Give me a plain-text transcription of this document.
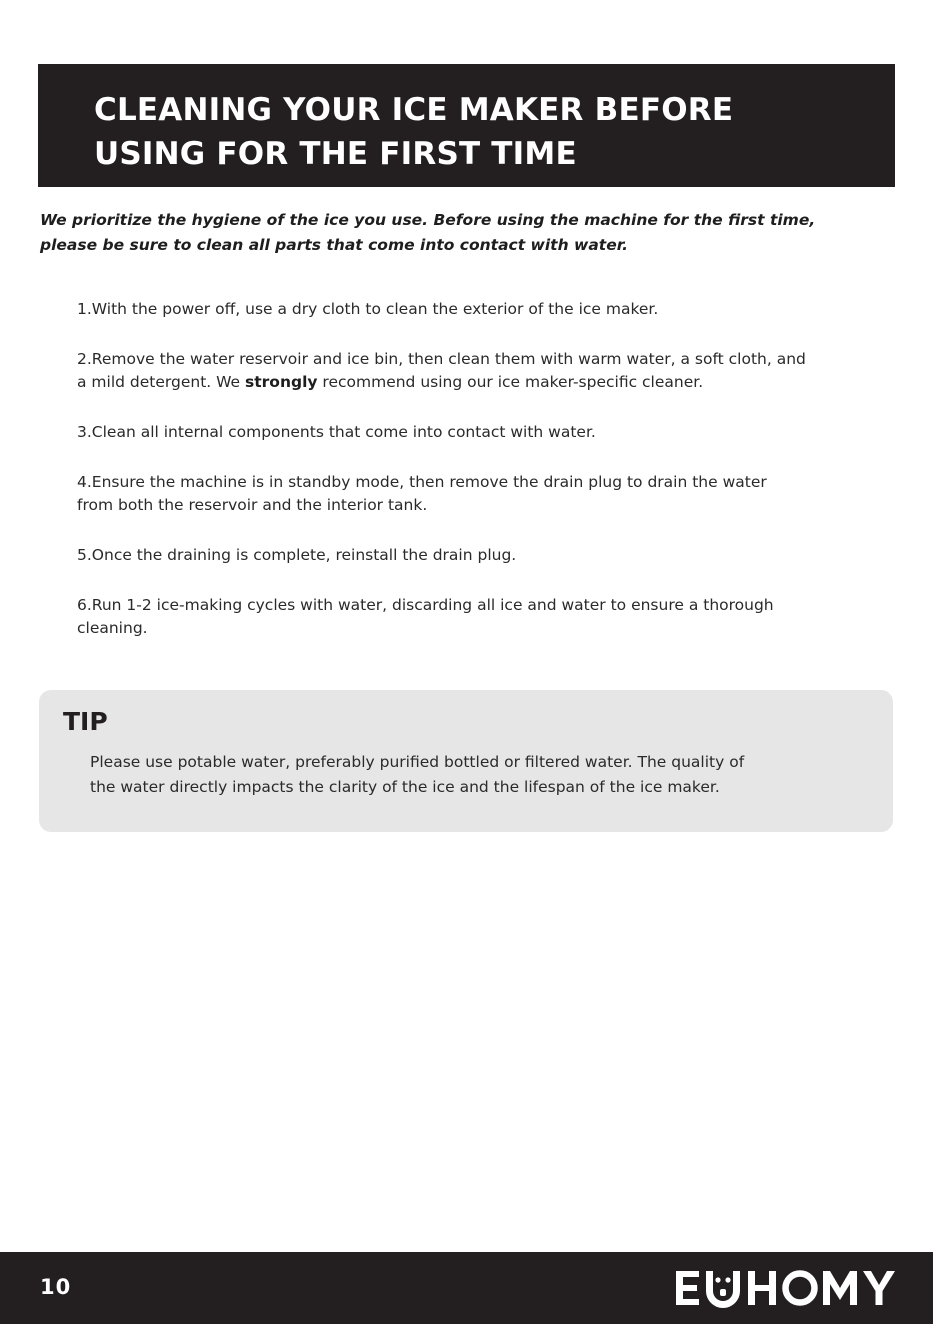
CLEANING YOUR ICE MAKER BEFORE
USING FOR THE FIRST TIME
We prioritize the hygiene of the ice you use. Before using the machine for the first time,
please be sure to clean all parts that come into contact with water.
1.With the power off, use a dry cloth to clean the exterior of the ice maker.
2.Remove the water reservoir and ice bin, then clean them with warm water, a soft cloth, and
a mild detergent. We strongly recommend using our ice maker-specific cleaner.
3.Clean all internal components that come into contact with water.
4.Ensure the machine is in standby mode, then remove the drain plug to drain the water
from both the reservoir and the interior tank.
5.Once the draining is complete, reinstall the drain plug.
6.Run 1-2 ice-making cycles with water, discarding all ice and water to ensure a thorough
cleaning.
TIP
Please use potable water, preferably purified bottled or filtered water. The quality of
the water directly impacts the clarity of the ice and the lifespan of the ice maker.
10
